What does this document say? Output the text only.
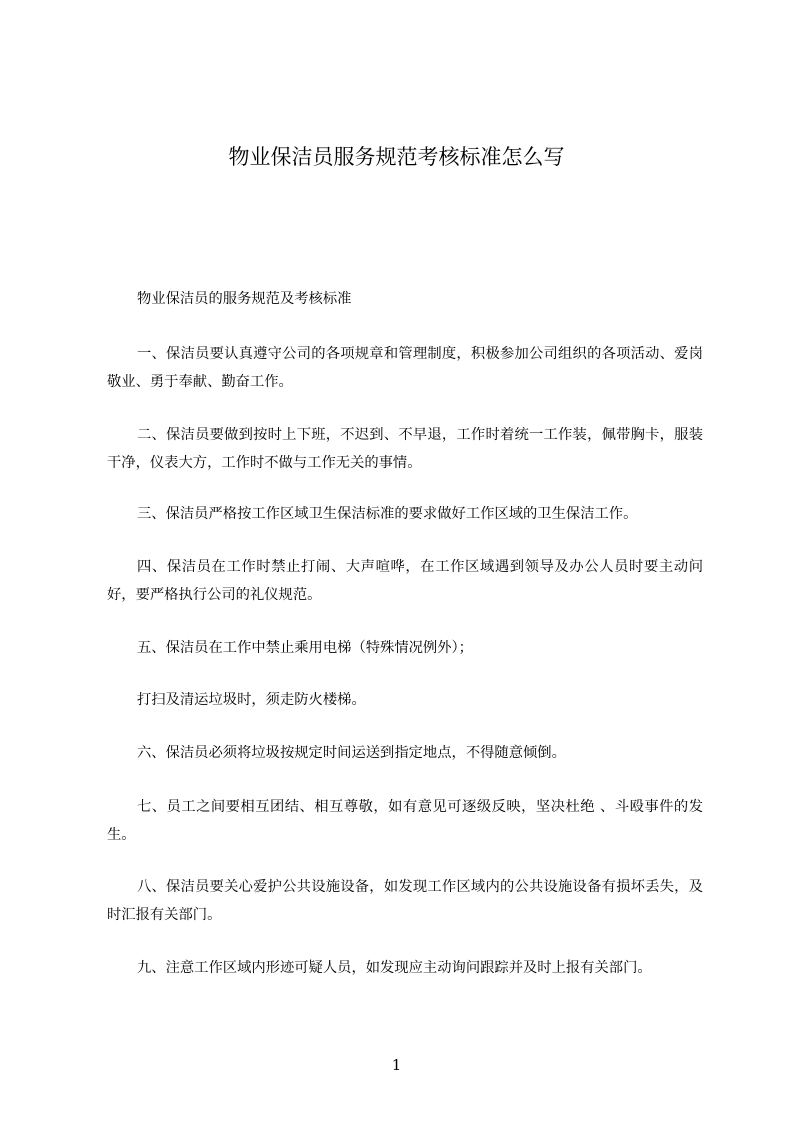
物业保洁员服务规范考核标准怎么写

物业保洁员的服务规范及考核标准

一、保洁员要认真遵守公司的各项规章和管理制度，积极参加公司组织的各项活动、爱岗敬业、勇于奉献、勤奋工作。

二、保洁员要做到按时上下班，不迟到、不早退，工作时着统一工作装，佩带胸卡，服装干净，仪表大方，工作时不做与工作无关的事情。

三、保洁员严格按工作区域卫生保洁标准的要求做好工作区域的卫生保洁工作。

四、保洁员在工作时禁止打闹、大声喧哗，在工作区域遇到领导及办公人员时要主动问好，要严格执行公司的礼仪规范。

五、保洁员在工作中禁止乘用电梯（特殊情况例外）；

打扫及清运垃圾时，须走防火楼梯。

六、保洁员必须将垃圾按规定时间运送到指定地点，不得随意倾倒。

七、员工之间要相互团结、相互尊敬，如有意见可逐级反映，坚决杜绝 、斗殴事件的发生。

八、保洁员要关心爱护公共设施设备，如发现工作区域内的公共设施设备有损坏丢失，及时汇报有关部门。

九、注意工作区域内形迹可疑人员，如发现应主动询问跟踪并及时上报有关部门。

1
